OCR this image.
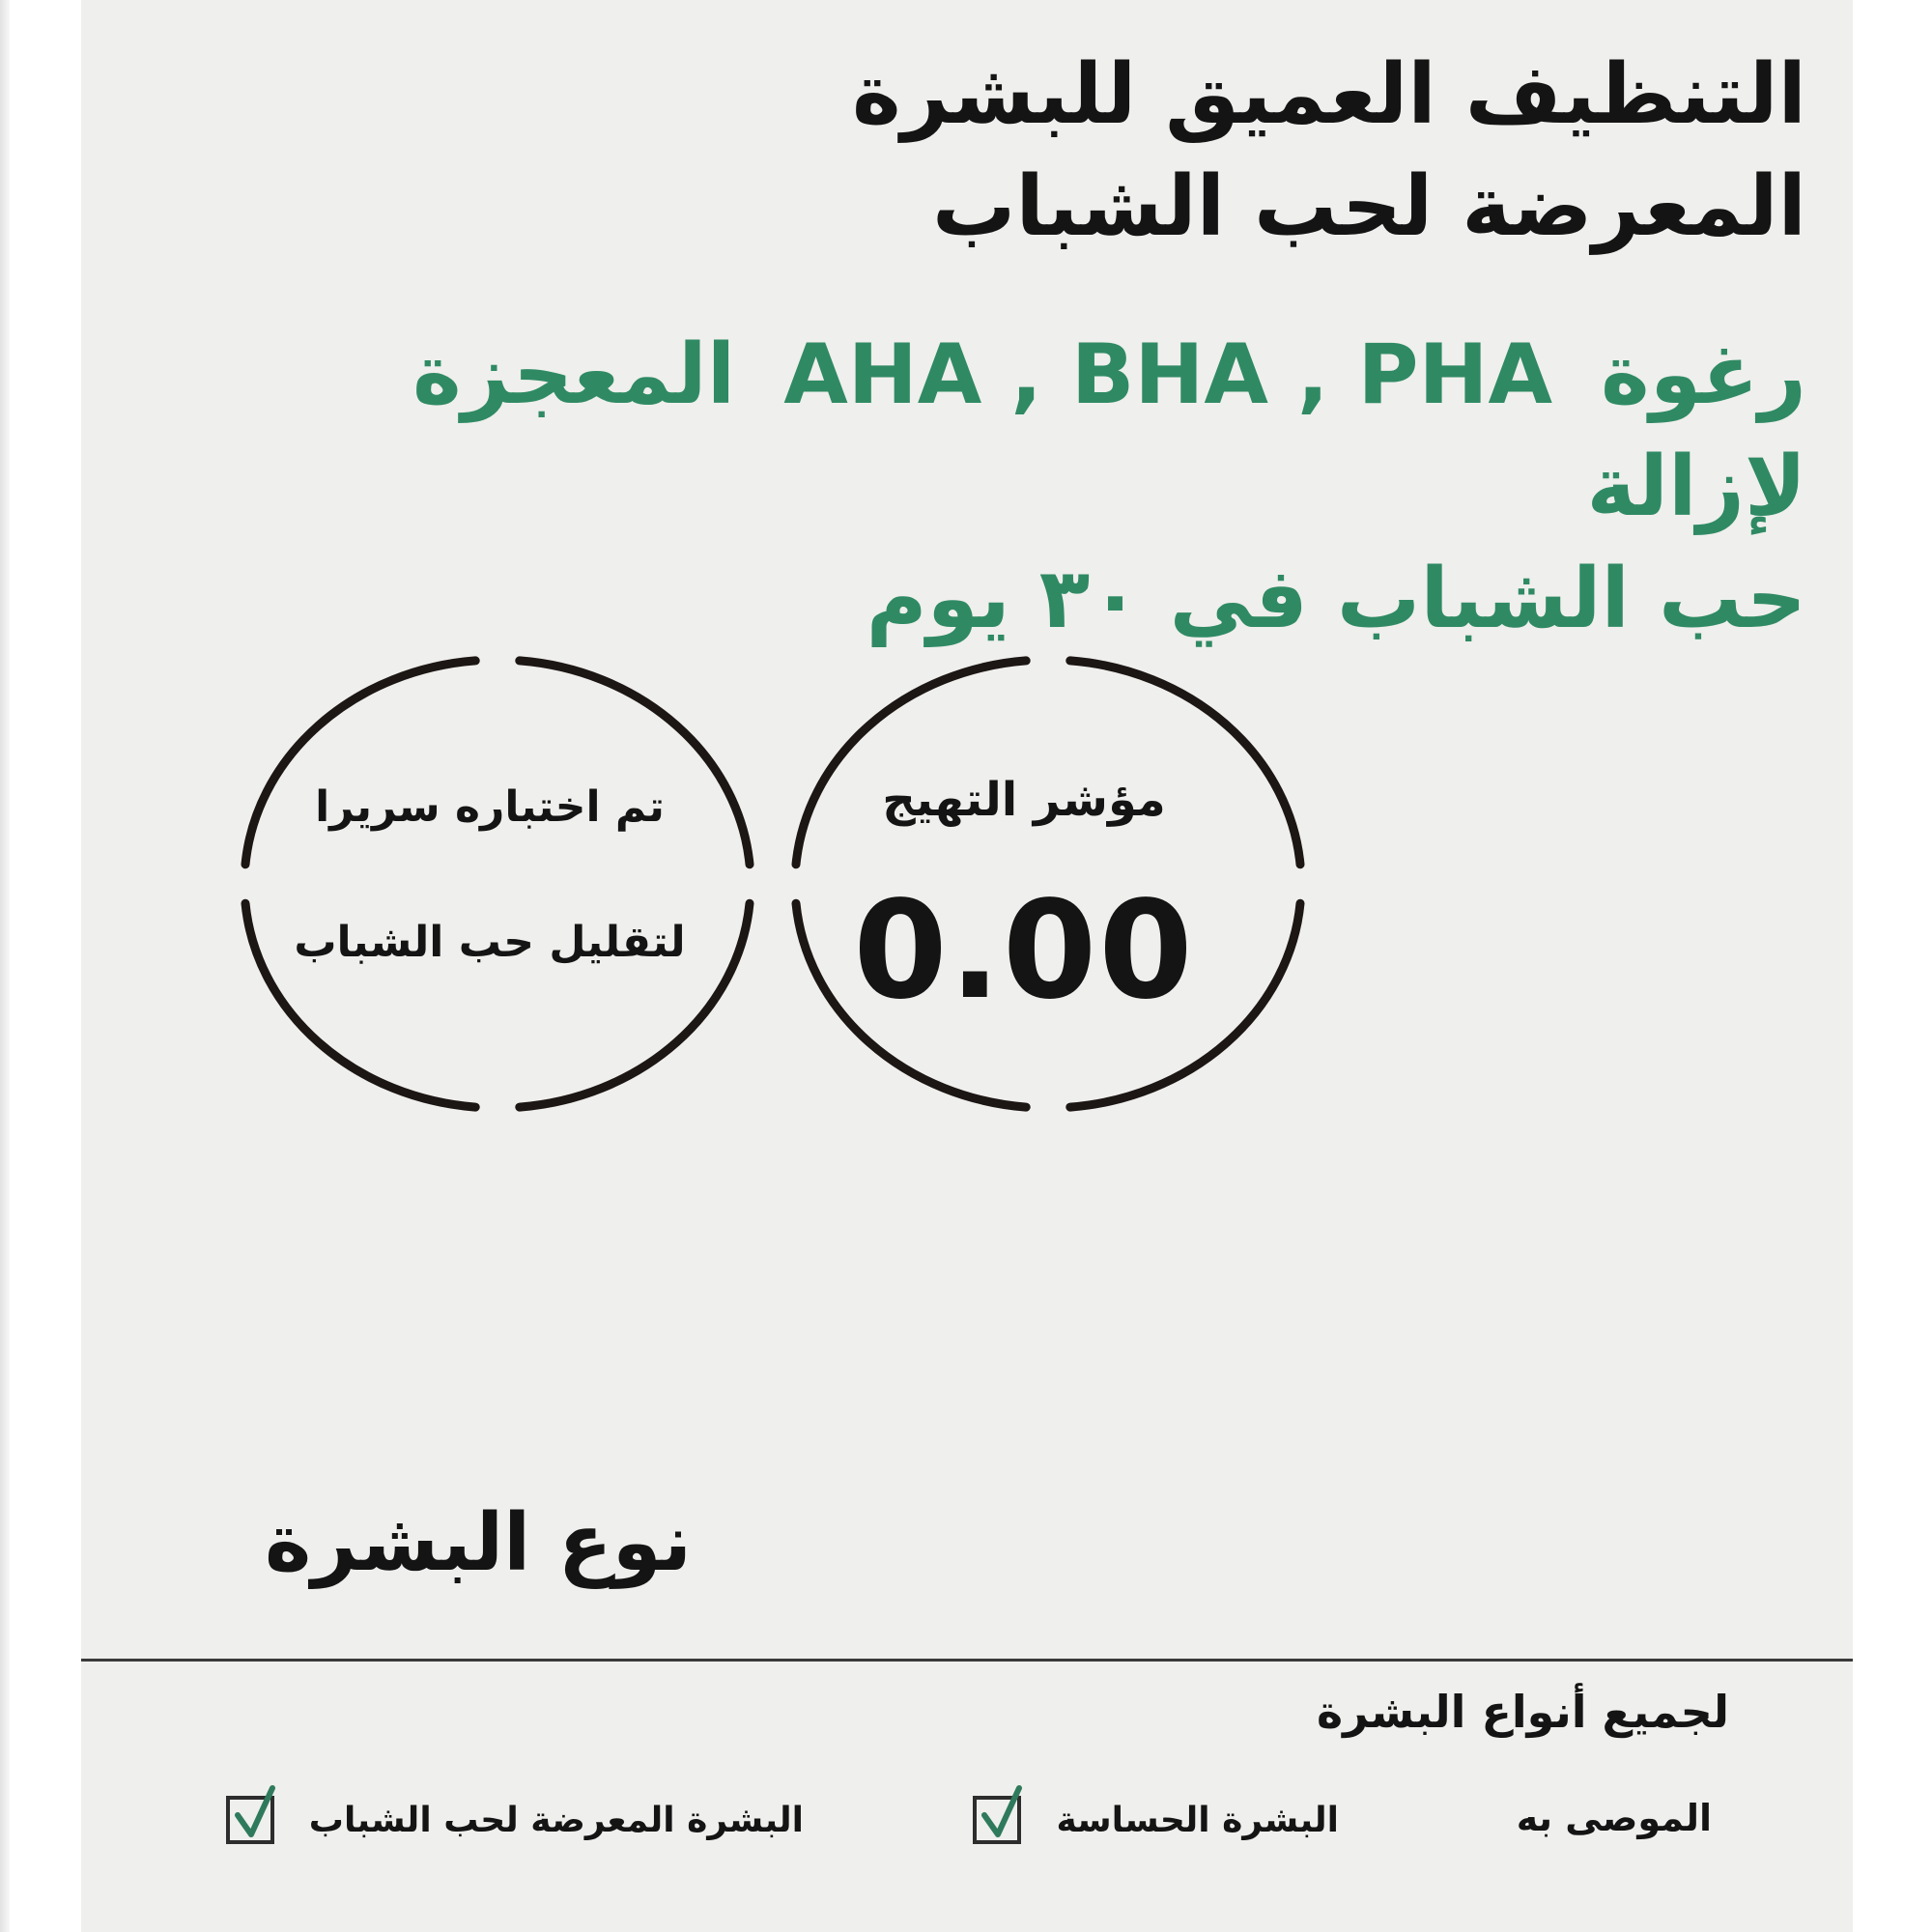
التنظيف العميق للبشرة
المعرضة لحب الشباب
رغوةAHA , BHA , PHAالمعجزة لإزالة
حب الشباب في ٣٠ يوم
تم اختباره سريرا
لتقليل حب الشباب
مؤشر التهيج
0.00
نوع البشرة
لجميع أنواع البشرة
الموصى به
البشرة الحساسة
البشرة المعرضة لحب الشباب
